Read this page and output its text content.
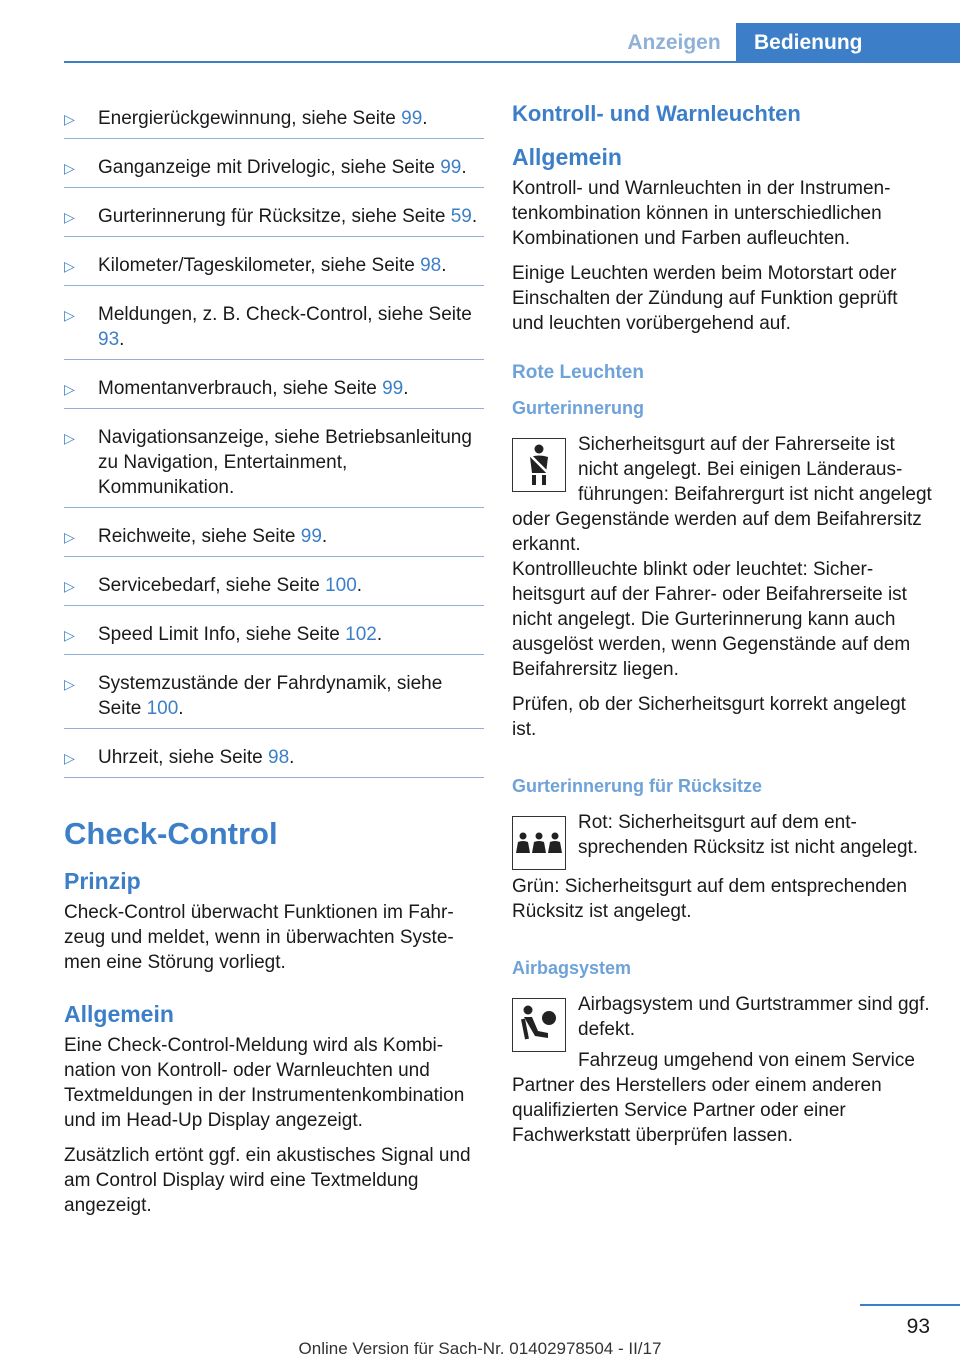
Anzeigen	Bedienung
▷ Energierückgewinnung, siehe Seite 99.
▷ Ganganzeige mit Drivelogic, siehe Seite 99.
▷ Gurterinnerung für Rücksitze, siehe Seite 59.
▷ Kilometer/Tageskilometer, siehe Seite 98.
▷ Meldungen, z. B. Check-Control, siehe Seite 93.
▷ Momentanverbrauch, siehe Seite 99.
▷ Navigationsanzeige, siehe Betriebsanleitung zu Navigation, Entertainment, Kommunikation.
▷ Reichweite, siehe Seite 99.
▷ Servicebedarf, siehe Seite 100.
▷ Speed Limit Info, siehe Seite 102.
▷ Systemzustände der Fahrdynamik, siehe Seite 100.
▷ Uhrzeit, siehe Seite 98.
Check-Control
Prinzip

Check-Control überwacht Funktionen im Fahrzeug und meldet, wenn in überwachten Systemen eine Störung vorliegt.

Allgemein

Eine Check-Control-Meldung wird als Kombination von Kontroll- oder Warnleuchten und Textmeldungen in der Instrumentenkombination und im Head-Up Display angezeigt.

Zusätzlich ertönt ggf. ein akustisches Signal und am Control Display wird eine Textmeldung angezeigt.

Kontroll- und Warnleuchten
Allgemein

Kontroll- und Warnleuchten in der Instrumentenkombination können in unterschiedlichen Kombinationen und Farben aufleuchten.

Einige Leuchten werden beim Motorstart oder Einschalten der Zündung auf Funktion geprüft und leuchten vorübergehend auf.

Rote Leuchten
Gurterinnerung

Sicherheitsgurt auf der Fahrerseite ist nicht angelegt. Bei einigen Länderausführungen: Beifahrergurt ist nicht angelegt oder Gegenstände werden auf dem Beifahrersitz erkannt.

Kontrollleuchte blinkt oder leuchtet: Sicherheitsgurt auf der Fahrer- oder Beifahrerseite ist nicht angelegt. Die Gurterinnerung kann auch ausgelöst werden, wenn Gegenstände auf dem Beifahrersitz liegen.

Prüfen, ob der Sicherheitsgurt korrekt angelegt ist.

Gurterinnerung für Rücksitze

Rot: Sicherheitsgurt auf dem entsprechenden Rücksitz ist nicht angelegt.

Grün: Sicherheitsgurt auf dem entsprechenden Rücksitz ist angelegt.

Airbagsystem

Airbagsystem und Gurtstrammer sind ggf. defekt.

Fahrzeug umgehend von einem Service Partner des Herstellers oder einem anderen qualifizierten Service Partner oder einer Fachwerkstatt überprüfen lassen.

93
Online Version für Sach-Nr. 01402978504 - II/17
